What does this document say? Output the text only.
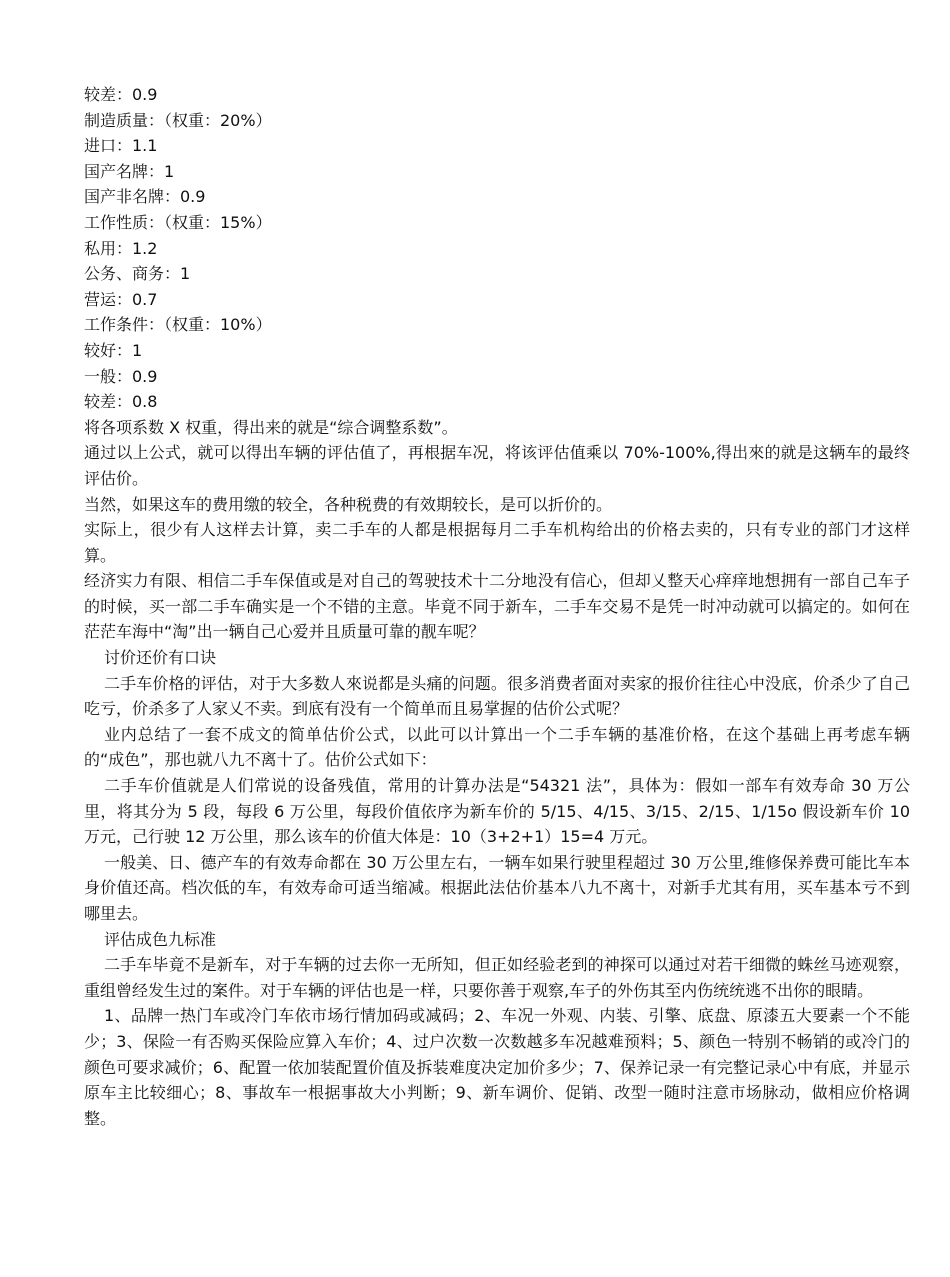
较差：0.9
制造质量：（权重：20%）
进口：1.1
国产名牌：1
国产非名牌：0.9
工作性质：（权重：15%）
私用：1.2
公务、商务：1
营运：0.7
工作条件：（权重：10%）
较好：1
一般：0.9
较差：0.8

将各项系数 X 权重，得出来的就是“综合调整系数”。

通过以上公式，就可以得出车辆的评估值了，再根据车况，将该评估值乘以 70%-100%,得出來的就是这辆车的最终评估价。

当然，如果这车的费用缴的较全，各种税费的有效期较长，是可以折价的。

实际上，很少有人这样去计算，卖二手车的人都是根据每月二手车机构给出的价格去卖的，只有专业的部门才这样算。

经济实力有限、相信二手车保值或是对自己的驾驶技术十二分地没有信心，但却乂整天心痒痒地想拥有一部自己车子的时候，买一部二手车确实是一个不错的主意。毕竟不同于新车，二手车交易不是凭一时冲动就可以搞定的。如何在茫茫车海中“淘”出一辆自己心爱并且质量可靠的靓车呢？

讨价还价有口诀

二手车价格的评估，对于大多数人來说都是头痛的问题。很多消费者面对卖家的报价往往心中没底，价杀少了自己吃亏，价杀多了人家乂不卖。到底有没有一个简单而且易掌握的估价公式呢？

业内总结了一套不成文的简单估价公式，以此可以计算出一个二手车辆的基准价格，在这个基础上再考虑车辆的“成色”，那也就八九不离十了。估价公式如下：

二手车价值就是人们常说的设备残值，常用的计算办法是“54321 法”，具体为：假如一部车有效寿命 30 万公里，将其分为 5 段，每段 6 万公里，每段价值依序为新车价的 5/15、4/15、3/15、2/15、1/15o 假设新车价 10 万元，己行驶 12 万公里，那么该车的价值大体是：10（3+2+1）15=4 万元。

一般美、日、德产车的有效寿命都在 30 万公里左右，一辆车如果行驶里程超过 30 万公里,维修保养费可能比车本身价值还高。档次低的车，有效寿命可适当缩减。根据此法估价基本八九不离十，对新手尤其有用，买车基本亏不到哪里去。

评估成色九标准

二手车毕竟不是新车，对于车辆的过去你一无所知，但正如经验老到的神探可以通过对若干细微的蛛丝马迹观察，重组曾经发生过的案件。对于车辆的评估也是一样，只要你善于观察,车子的外伤其至内伤统统逃不出你的眼睛。

1、品牌一热门车或冷门车依市场行情加码或减码；2、车况一外观、内装、引擎、底盘、原漆五大要素一个不能少；3、保险一有否购买保险应算入车价；4、过户次数一次数越多车况越难预料；5、颜色一特别不畅销的或冷门的颜色可要求减价；6、配置一依加装配置价值及拆装难度决定加价多少；7、保养记录一有完整记录心中有底，并显示原车主比较细心；8、事故车一根据事故大小判断；9、新车调价、促销、改型一随时注意市场脉动，做相应价格调整。
